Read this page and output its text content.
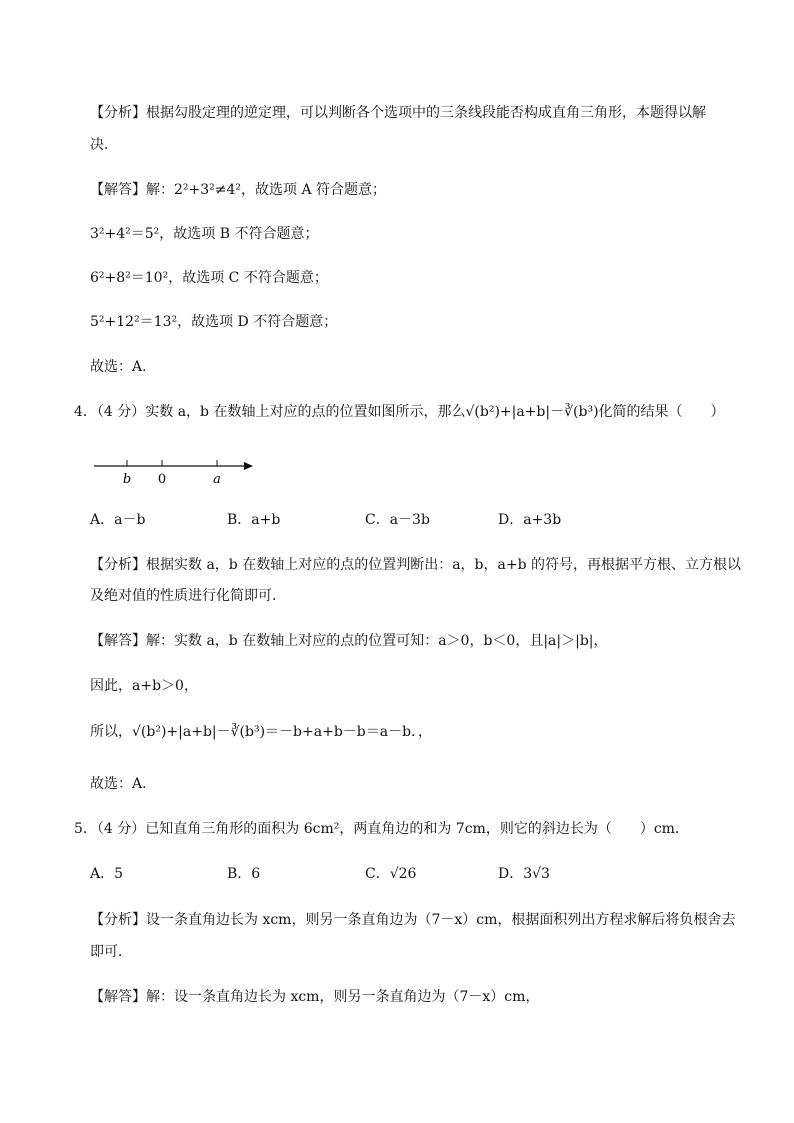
【分析】根据勾股定理的逆定理，可以判断各个选项中的三条线段能否构成直角三角形，本题得以解
决．
【解答】解：2²+3²≠4²，故选项 A 符合题意；
3²+4²＝5²，故选项 B 不符合题意；
6²+8²＝10²，故选项 C 不符合题意；
5²+12²＝13²，故选项 D 不符合题意；
故选：A．
4．（4 分）实数 a，b 在数轴上对应的点的位置如图所示，那么√(b²)+|a+b|－∛(b³)化简的结果（　　）
b 0	a
A．a－b	B．a+b	C．a－3b	D．a+3b
【分析】根据实数 a，b 在数轴上对应的点的位置判断出：a，b，a+b 的符号，再根据平方根、立方根以
及绝对值的性质进行化简即可．
【解答】解：实数 a，b 在数轴上对应的点的位置可知：a＞0，b＜0，且|a|＞|b|，
因此，a+b＞0，
所以，√(b²)+|a+b|－∛(b³)＝－b+a+b－b＝a－b．，
故选：A．
5．（4 分）已知直角三角形的面积为 6cm²，两直角边的和为 7cm，则它的斜边长为（　　）cm．
A．5	B．6	C．√26	D．3√3
【分析】设一条直角边长为 xcm，则另一条直角边为（7－x）cm，根据面积列出方程求解后将负根舍去
即可．
【解答】解：设一条直角边长为 xcm，则另一条直角边为（7－x）cm，
